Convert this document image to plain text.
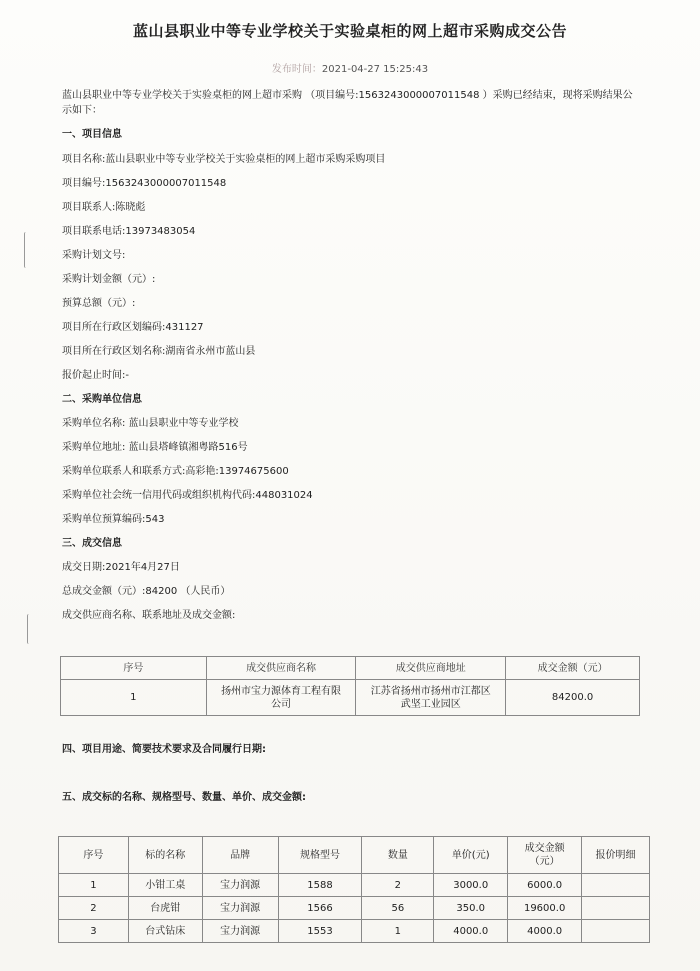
蓝山县职业中等专业学校关于实验桌柜的网上超市采购成交公告
发布时间：2021-04-27 15:25:43
蓝山县职业中等专业学校关于实验桌柜的网上超市采购 （项目编号:1563243000007011548 ）采购已经结束，现将采购结果公示如下：
一、项目信息
项目名称:蓝山县职业中等专业学校关于实验桌柜的网上超市采购采购项目
项目编号:1563243000007011548
项目联系人:陈晓彪
项目联系电话:13973483054
采购计划文号:
采购计划金额（元）:
预算总额（元）:
项目所在行政区划编码:431127
项目所在行政区划名称:湖南省永州市蓝山县
报价起止时间:-
二、采购单位信息
采购单位名称: 蓝山县职业中等专业学校
采购单位地址: 蓝山县塔峰镇湘粤路516号
采购单位联系人和联系方式:高彩艳:13974675600
采购单位社会统一信用代码或组织机构代码:448031024
采购单位预算编码:543
三、成交信息
成交日期:2021年4月27日
总成交金额（元）:84200 （人民币）
成交供应商名称、联系地址及成交金额:
序号	成交供应商名称	成交供应商地址	成交金额（元）
1	扬州市宝力源体育工程有限公司	江苏省扬州市扬州市江都区武坚工业园区	84200.0
四、项目用途、简要技术要求及合同履行日期:
五、成交标的名称、规格型号、数量、单价、成交金额:
序号	标的名称	品牌	规格型号	数量	单价(元)	成交金额（元）	报价明细
1	小钳工桌	宝力润源	1588	2	3000.0	6000.0	
2	台虎钳	宝力润源	1566	56	350.0	19600.0	
3	台式钻床	宝力润源	1553	1	4000.0	4000.0	
